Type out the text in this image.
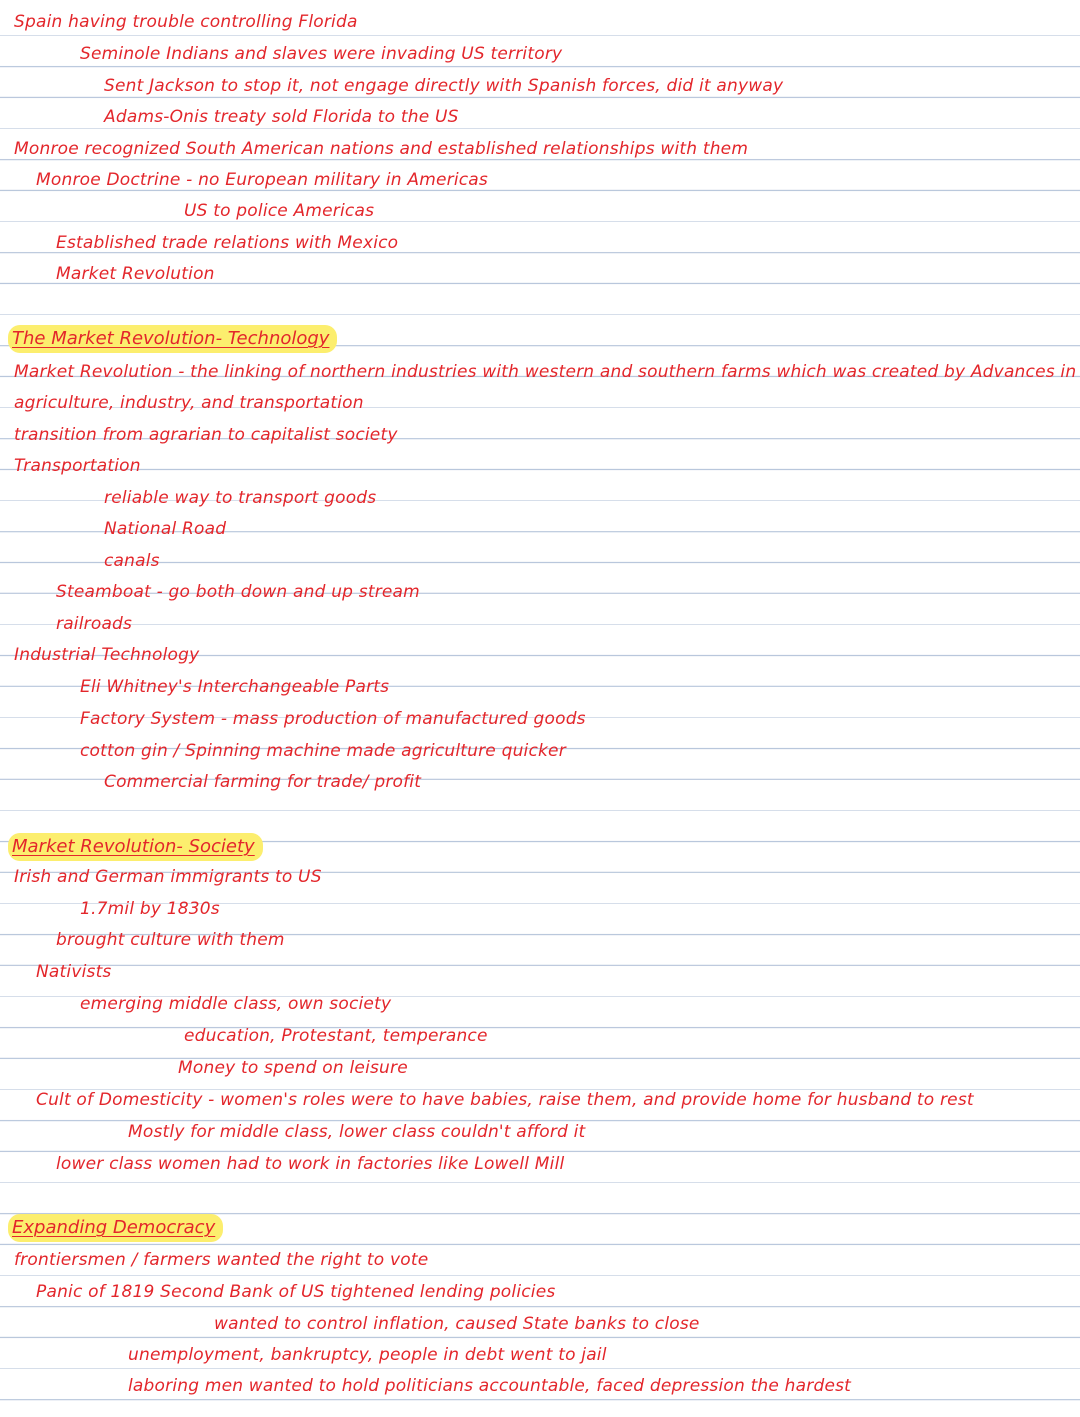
Spain having trouble controlling Florida
Seminole Indians and slaves were invading US territory
Sent Jackson to stop it, not engage directly with Spanish forces, did it anyway
Adams-Onis treaty sold Florida to the US
Monroe recognized South American nations and established relationships with them
Monroe Doctrine - no European military in Americas
US to police Americas
Established trade relations with Mexico
Market Revolution
The Market Revolution- Technology
Market Revolution - the linking of northern industries with western and southern farms which was created by Advances in
agriculture, industry, and transportation
transition from agrarian to capitalist society
Transportation
reliable way to transport goods
National Road
canals
Steamboat - go both down and up stream
railroads
Industrial Technology
Eli Whitney's Interchangeable Parts
Factory System - mass production of manufactured goods
cotton gin / Spinning machine made agriculture quicker
Commercial farming for trade/ profit
Market Revolution- Society
Irish and German immigrants to US
1.7mil by 1830s
brought culture with them
Nativists
emerging middle class, own society
education, Protestant, temperance
Money to spend on leisure
Cult of Domesticity - women's roles were to have babies, raise them, and provide home for husband to rest
Mostly for middle class, lower class couldn't afford it
lower class women had to work in factories like Lowell Mill
Expanding Democracy
frontiersmen / farmers wanted the right to vote
Panic of 1819 Second Bank of US tightened lending policies
wanted to control inflation, caused State banks to close
unemployment, bankruptcy, people in debt went to jail
laboring men wanted to hold politicians accountable, faced depression the hardest
